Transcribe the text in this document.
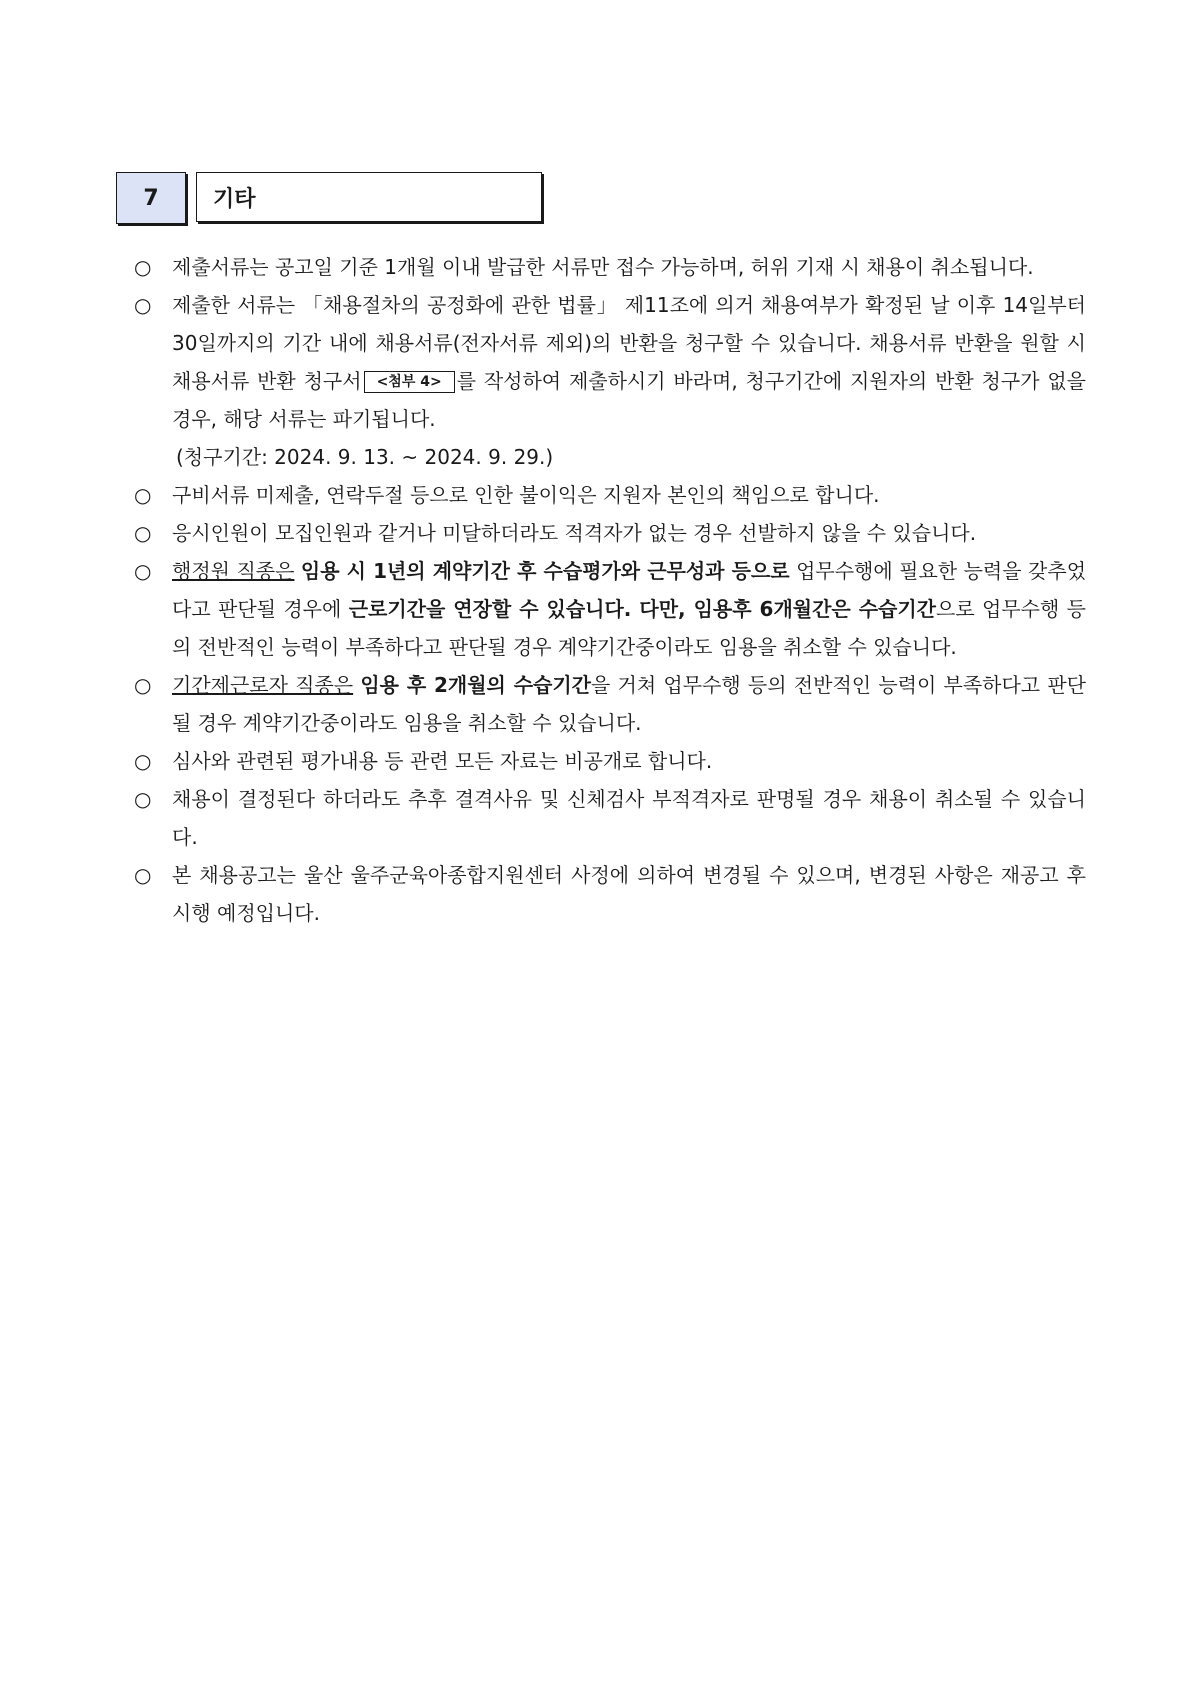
7	기타
○ 제출서류는 공고일 기준 1개월 이내 발급한 서류만 접수 가능하며, 허위 기재 시 채용이 취소됩니다.
○ 제출한 서류는 「채용절차의 공정화에 관한 법률」 제11조에 의거 채용여부가 확정된 날 이후 14일부터 30일까지의 기간 내에 채용서류(전자서류 제외)의 반환을 청구할 수 있습니다. 채용서류 반환을 원할 시 채용서류 반환 청구서 <첨부 4> 를 작성하여 제출하시기 바라며, 청구기간에 지원자의 반환 청구가 없을 경우, 해당 서류는 파기됩니다.
(청구기간: 2024. 9. 13. ~ 2024. 9. 29.)
○ 구비서류 미제출, 연락두절 등으로 인한 불이익은 지원자 본인의 책임으로 합니다.
○ 응시인원이 모집인원과 같거나 미달하더라도 적격자가 없는 경우 선발하지 않을 수 있습니다.
○ 행정원 직종은 임용 시 1년의 계약기간 후 수습평가와 근무성과 등으로 업무수행에 필요한 능력을 갖추었다고 판단될 경우에 근로기간을 연장할 수 있습니다. 다만, 임용후 6개월간은 수습기간으로 업무수행 등의 전반적인 능력이 부족하다고 판단될 경우 계약기간중이라도 임용을 취소할 수 있습니다.
○ 기간제근로자 직종은 임용 후 2개월의 수습기간을 거쳐 업무수행 등의 전반적인 능력이 부족하다고 판단될 경우 계약기간중이라도 임용을 취소할 수 있습니다.
○ 심사와 관련된 평가내용 등 관련 모든 자료는 비공개로 합니다.
○ 채용이 결정된다 하더라도 추후 결격사유 및 신체검사 부적격자로 판명될 경우 채용이 취소될 수 있습니다.
○ 본 채용공고는 울산 울주군육아종합지원센터 사정에 의하여 변경될 수 있으며, 변경된 사항은 재공고 후 시행 예정입니다.
